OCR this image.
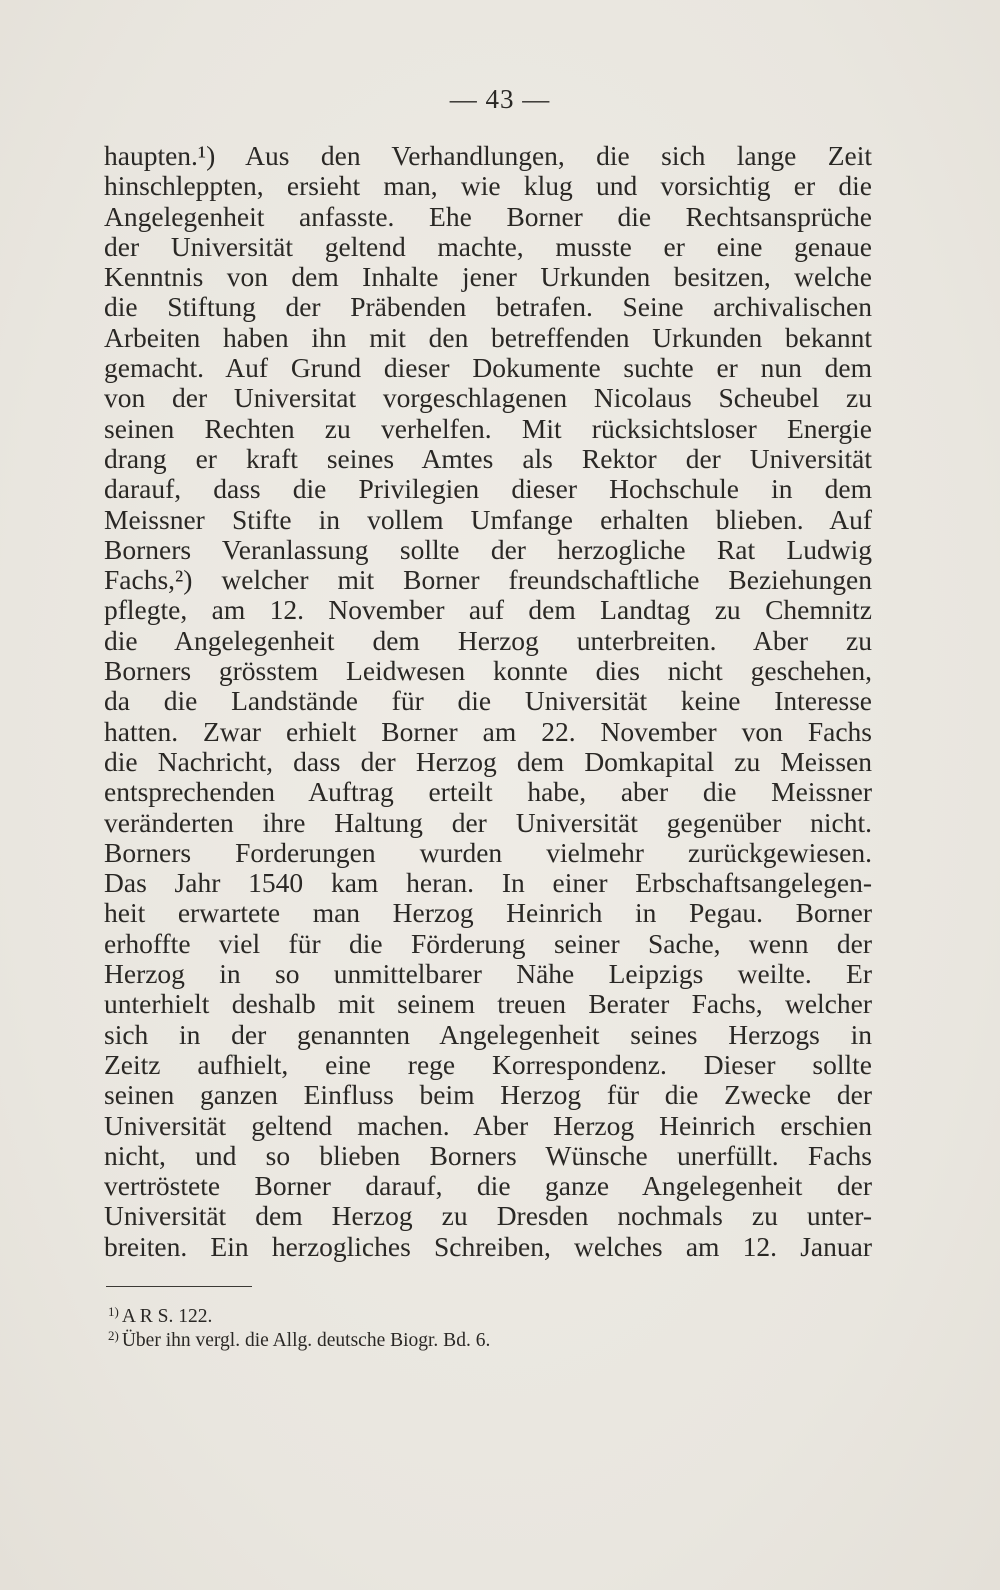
— 43 —
haupten.¹) Aus den Verhandlungen, die sich lange Zeit
hinschleppten, ersieht man, wie klug und vorsichtig er die
Angelegenheit anfasste. Ehe Borner die Rechtsansprüche
der Universität geltend machte, musste er eine genaue
Kenntnis von dem Inhalte jener Urkunden besitzen, welche
die Stiftung der Präbenden betrafen. Seine archivalischen
Arbeiten haben ihn mit den betreffenden Urkunden bekannt
gemacht. Auf Grund dieser Dokumente suchte er nun dem
von der Universitat vorgeschlagenen Nicolaus Scheubel zu
seinen Rechten zu verhelfen. Mit rücksichtsloser Energie
drang er kraft seines Amtes als Rektor der Universität
darauf, dass die Privilegien dieser Hochschule in dem
Meissner Stifte in vollem Umfange erhalten blieben. Auf
Borners Veranlassung sollte der herzogliche Rat Ludwig
Fachs,²) welcher mit Borner freundschaftliche Beziehungen
pflegte, am 12. November auf dem Landtag zu Chemnitz
die Angelegenheit dem Herzog unterbreiten. Aber zu
Borners grösstem Leidwesen konnte dies nicht geschehen,
da die Landstände für die Universität keine Interesse
hatten. Zwar erhielt Borner am 22. November von Fachs
die Nachricht, dass der Herzog dem Domkapital zu Meissen
entsprechenden Auftrag erteilt habe, aber die Meissner
veränderten ihre Haltung der Universität gegenüber nicht.
Borners Forderungen wurden vielmehr zurückgewiesen.
Das Jahr 1540 kam heran. In einer Erbschaftsangelegen-
heit erwartete man Herzog Heinrich in Pegau. Borner
erhoffte viel für die Förderung seiner Sache, wenn der
Herzog in so unmittelbarer Nähe Leipzigs weilte. Er
unterhielt deshalb mit seinem treuen Berater Fachs, welcher
sich in der genannten Angelegenheit seines Herzogs in
Zeitz aufhielt, eine rege Korrespondenz. Dieser sollte
seinen ganzen Einfluss beim Herzog für die Zwecke der
Universität geltend machen. Aber Herzog Heinrich erschien
nicht, und so blieben Borners Wünsche unerfüllt. Fachs
vertröstete Borner darauf, die ganze Angelegenheit der
Universität dem Herzog zu Dresden nochmals zu unter-
breiten. Ein herzogliches Schreiben, welches am 12. Januar
$^{1)}$ A R S. 122.
$^{2)}$ Über ihn vergl. die Allg. deutsche Biogr. Bd. 6.
